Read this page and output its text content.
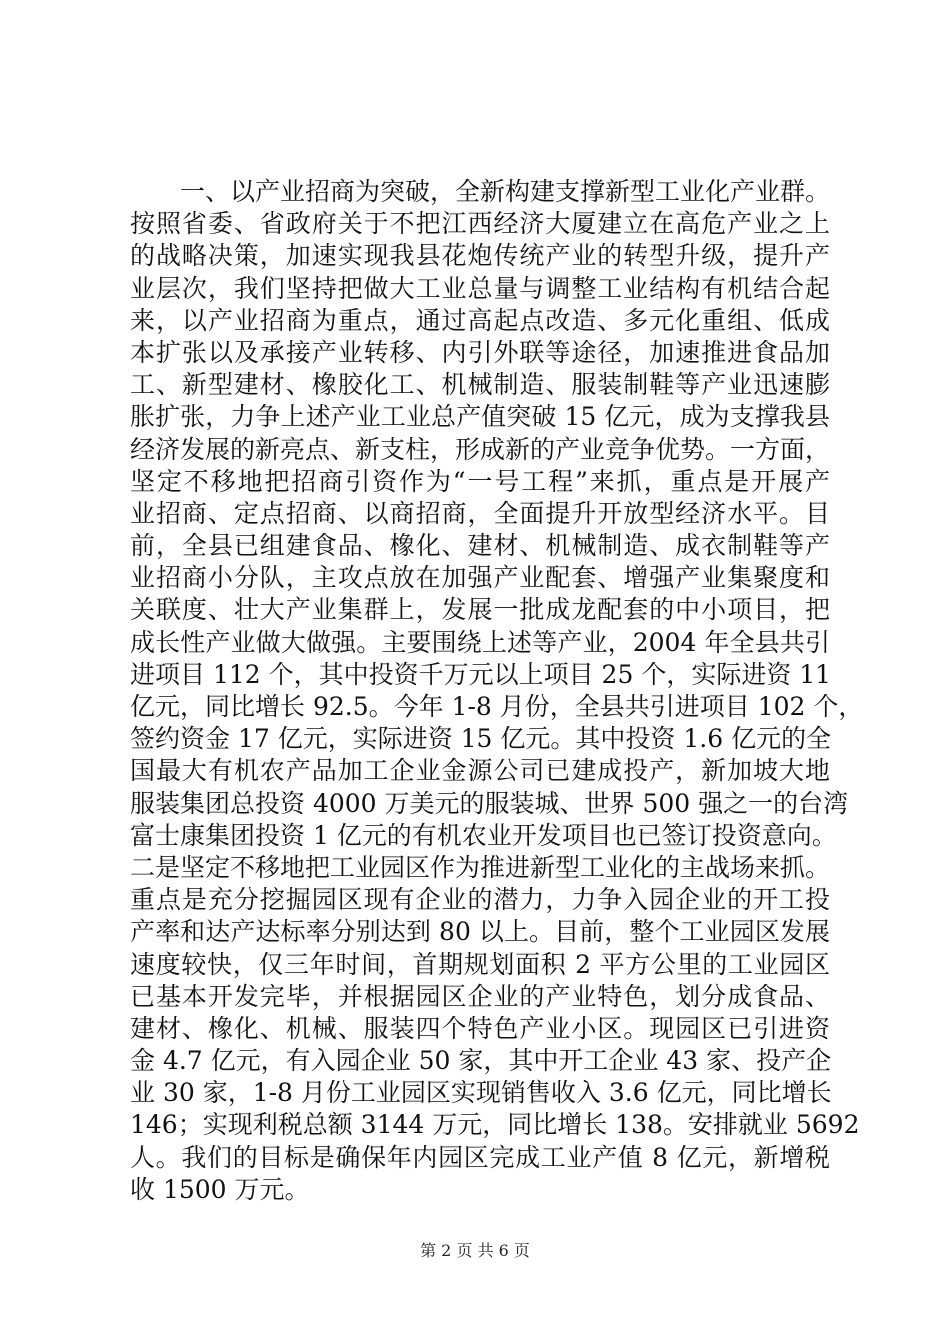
　　一、以产业招商为突破，全新构建支撑新型工业化产业群。
按照省委、省政府关于不把江西经济大厦建立在高危产业之上
的战略决策，加速实现我县花炮传统产业的转型升级，提升产
业层次，我们坚持把做大工业总量与调整工业结构有机结合起
来，以产业招商为重点，通过高起点改造、多元化重组、低成
本扩张以及承接产业转移、内引外联等途径，加速推进食品加
工、新型建材、橡胶化工、机械制造、服装制鞋等产业迅速膨
胀扩张，力争上述产业工业总产值突破 15 亿元，成为支撑我县
经济发展的新亮点、新支柱，形成新的产业竞争优势。一方面，
坚定不移地把招商引资作为“一号工程”来抓，重点是开展产
业招商、定点招商、以商招商，全面提升开放型经济水平。目
前，全县已组建食品、橡化、建材、机械制造、成衣制鞋等产
业招商小分队，主攻点放在加强产业配套、增强产业集聚度和
关联度、壮大产业集群上，发展一批成龙配套的中小项目，把
成长性产业做大做强。主要围绕上述等产业，2004 年全县共引
进项目 112 个，其中投资千万元以上项目 25 个，实际进资 11
亿元，同比增长 92.5。今年 1-8 月份，全县共引进项目 102 个，
签约资金 17 亿元，实际进资 15 亿元。其中投资 1.6 亿元的全
国最大有机农产品加工企业金源公司已建成投产，新加坡大地
服装集团总投资 4000 万美元的服装城、世界 500 强之一的台湾
富士康集团投资 1 亿元的有机农业开发项目也已签订投资意向。
二是坚定不移地把工业园区作为推进新型工业化的主战场来抓。
重点是充分挖掘园区现有企业的潜力，力争入园企业的开工投
产率和达产达标率分别达到 80 以上。目前，整个工业园区发展
速度较快，仅三年时间，首期规划面积 2 平方公里的工业园区
已基本开发完毕，并根据园区企业的产业特色，划分成食品、
建材、橡化、机械、服装四个特色产业小区。现园区已引进资
金 4.7 亿元，有入园企业 50 家，其中开工企业 43 家、投产企
业 30 家，1-8 月份工业园区实现销售收入 3.6 亿元，同比增长
146；实现利税总额 3144 万元，同比增长 138。安排就业 5692
人。我们的目标是确保年内园区完成工业产值 8 亿元，新增税
收 1500 万元。
第 2 页 共 6 页
